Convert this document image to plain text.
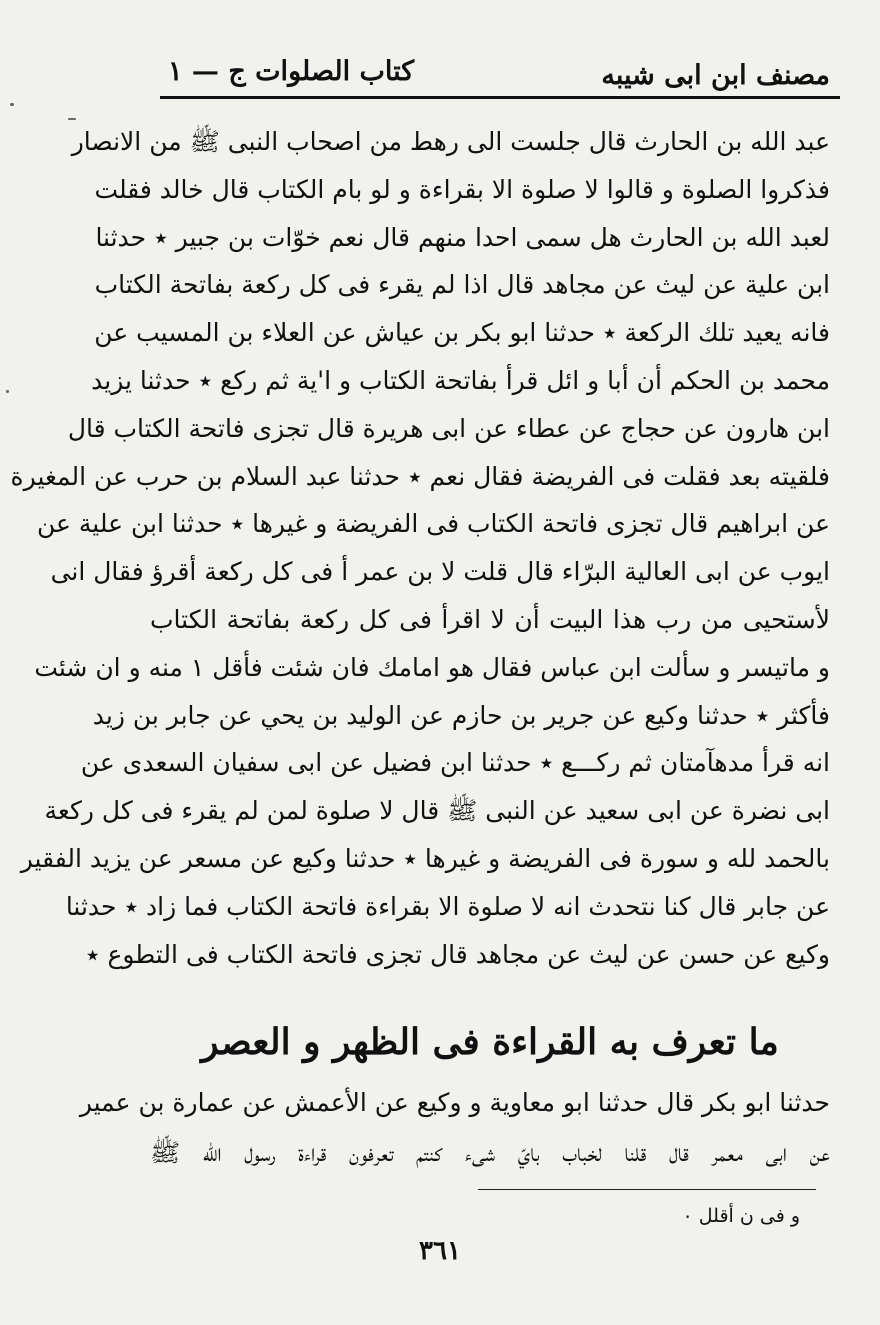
مصنف ابن ابى شيبه
كتاب الصلوات ج — ١
عبد الله بن الحارث قال جلست الى رهط من اصحاب النبى ﷺ من الانصار
فذكروا الصلوة و قالوا لا صلوة الا بقراءة و لو بام الكتاب قال خالد فقلت
لعبد الله بن الحارث هل سمى احدا منهم قال نعم خوّات بن جبير ٭ حدثنا
ابن علية عن ليث عن مجاهد قال اذا لم يقرء فى كل ركعة بفاتحة الكتاب
فانه يعيد تلك الركعة ٭ حدثنا ابو بكر بن عياش عن العلاء بن المسيب عن
محمد بن الحكم أن أبا و ائل قرأ بفاتحة الكتاب و ا'ية ثم ركع ٭ حدثنا يزيد
ابن هارون عن حجاج عن عطاء عن ابى هريرة قال تجزى فاتحة الكتاب قال
فلقيته بعد فقلت فى الفريضة فقال نعم ٭ حدثنا عبد السلام بن حرب عن المغيرة
عن ابراهيم قال تجزى فاتحة الكتاب فى الفريضة و غيرها ٭ حدثنا ابن علية عن
ايوب عن ابى العالية البرّاء قال قلت لا بن عمر أ فى كل ركعة أقرؤ فقال انى
لأستحيى من رب هذا البيت أن لا اقرأ فى كل ركعة بفاتحة الكتاب
و ماتيسر و سألت ابن عباس فقال هو امامك فان شئت فأقل ١ منه و ان شئت
فأكثر ٭ حدثنا وكيع عن جرير بن حازم عن الوليد بن يحي عن جابر بن زيد
انه قرأ مدهآمتان ثم ركـــع ٭ حدثنا ابن فضيل عن ابى سفيان السعدى عن
ابى نضرة عن ابى سعيد عن النبى ﷺ قال لا صلوة لمن لم يقرء فى كل ركعة
بالحمد لله و سورة فى الفريضة و غيرها ٭ حدثنا وكيع عن مسعر عن يزيد الفقير
عن جابر قال كنا نتحدث انه لا صلوة الا بقراءة فاتحة الكتاب فما زاد ٭ حدثنا
وكيع عن حسن عن ليث عن مجاهد قال تجزى فاتحة الكتاب فى التطوع ٭
ما تعرف به القراءة فى الظهر و العصر
حدثنا ابو بكر قال حدثنا ابو معاوية و وكيع عن الأعمش عن عمارة بن عمير
عن ابى معمر قال قلنا لخباب بايّ شىء كنتم تعرفون قراءة رسول الله ﷺ
و فى ن أقلل ٠
٣٦١
